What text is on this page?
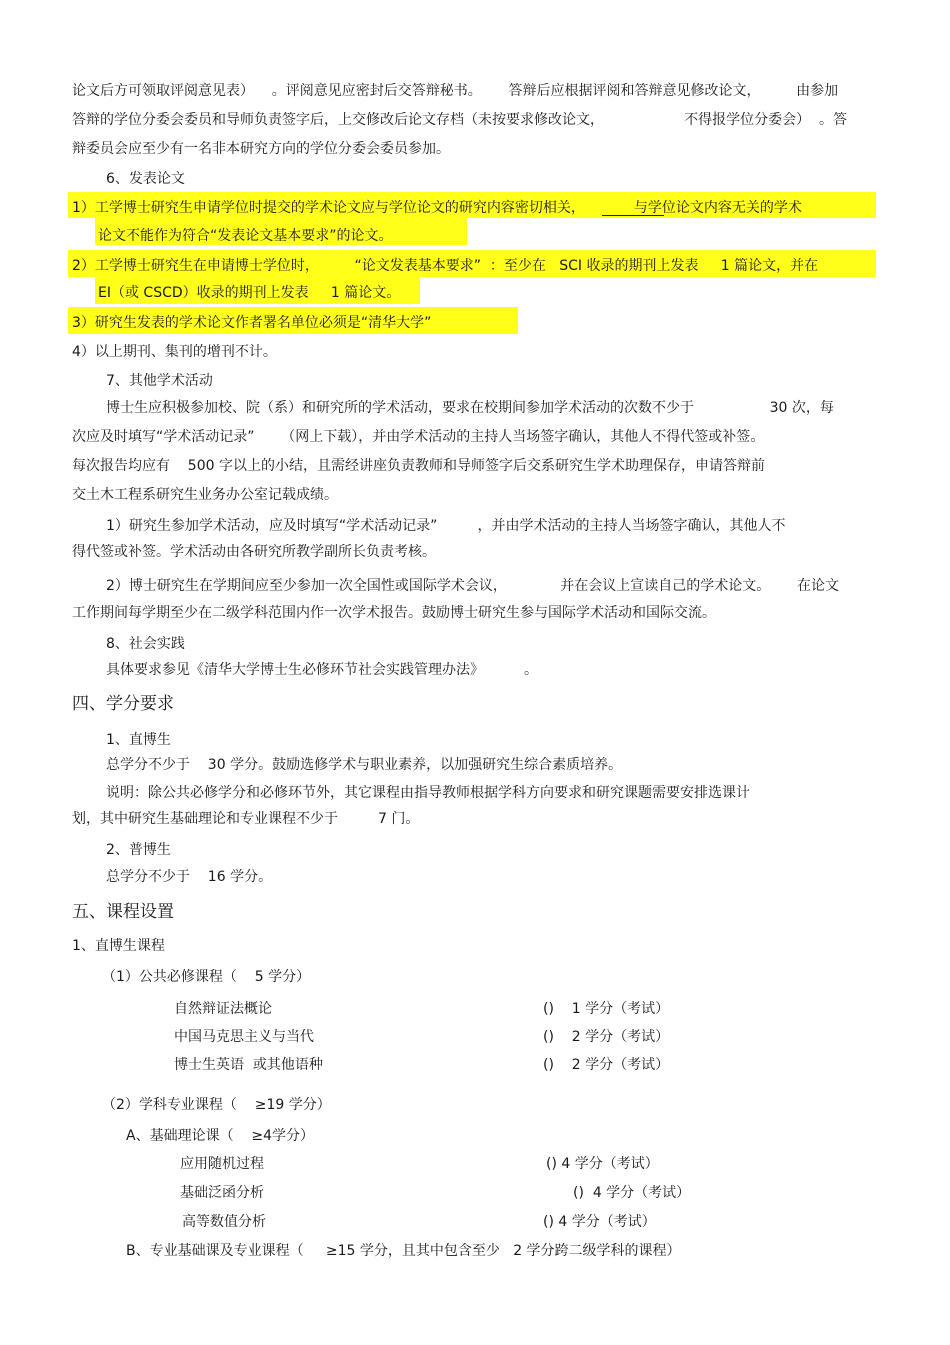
论文后方可领取评阅意见表）    。评阅意见应密封后交答辩秘书。      答辩后应根据评阅和答辩意见修改论文，        由参加
答辩的学位分委会委员和导师负责签字后，上交修改后论文存档（未按要求修改论文，                  不得报学位分委会）  。答
辩委员会应至少有一名非本研究方向的学位分委会委员参加。
6、发表论文
1）工学博士研究生申请学位时提交的学术论文应与学位论文的研究内容密切相关，           与学位论文内容无关的学术
论文不能作为符合“发表论文基本要求”的论文。
2）工学博士研究生在申请博士学位时，        “论文发表基本要求”  ：至少在   SCI 收录的期刊上发表     1 篇论文，并在
EI（或 CSCD）收录的期刊上发表     1 篇论文。
3）研究生发表的学术论文作者署名单位必须是“清华大学”
4）以上期刊、集刊的增刊不计。
7、其他学术活动
博士生应积极参加校、院（系）和研究所的学术活动，要求在校期间参加学术活动的次数不少于                 30 次，每
次应及时填写“学术活动记录”      （网上下载），并由学术活动的主持人当场签字确认，其他人不得代签或补签。
每次报告均应有    500 字以上的小结，且需经讲座负责教师和导师签字后交系研究生学术助理保存，申请答辩前
交土木工程系研究生业务办公室记载成绩。
1）研究生参加学术活动，应及时填写“学术活动记录”         ，并由学术活动的主持人当场签字确认，其他人不
得代签或补签。学术活动由各研究所教学副所长负责考核。
2）博士研究生在学期间应至少参加一次全国性或国际学术会议，            并在会议上宣读自己的学术论文。      在论文
工作期间每学期至少在二级学科范围内作一次学术报告。鼓励博士研究生参与国际学术活动和国际交流。
8、社会实践
具体要求参见《清华大学博士生必修环节社会实践管理办法》         。
四、学分要求
1、直博生
总学分不少于    30 学分。鼓励选修学术与职业素养，以加强研究生综合素质培养。
说明：除公共必修学分和必修环节外，其它课程由指导教师根据学科方向要求和研究课题需要安排选课计
划，其中研究生基础理论和专业课程不少于         7 门。
2、普博生
总学分不少于    16 学分。
五、课程设置
1、直博生课程
（1）公共必修课程（    5 学分）
自然辩证法概论
中国马克思主义与当代
博士生英语  或其他语种
（2）学科专业课程（    ≥19 学分）
A、基础理论课（    ≥4学分）
应用随机过程
基础泛函分析
高等数值分析
B、专业基础课及专业课程（     ≥15 学分，且其中包含至少   2 学分跨二级学科的课程）
()    1 学分（考试）
()    2 学分（考试）
()    2 学分（考试）
() 4 学分（考试）
()  4 学分（考试）
() 4 学分（考试）
